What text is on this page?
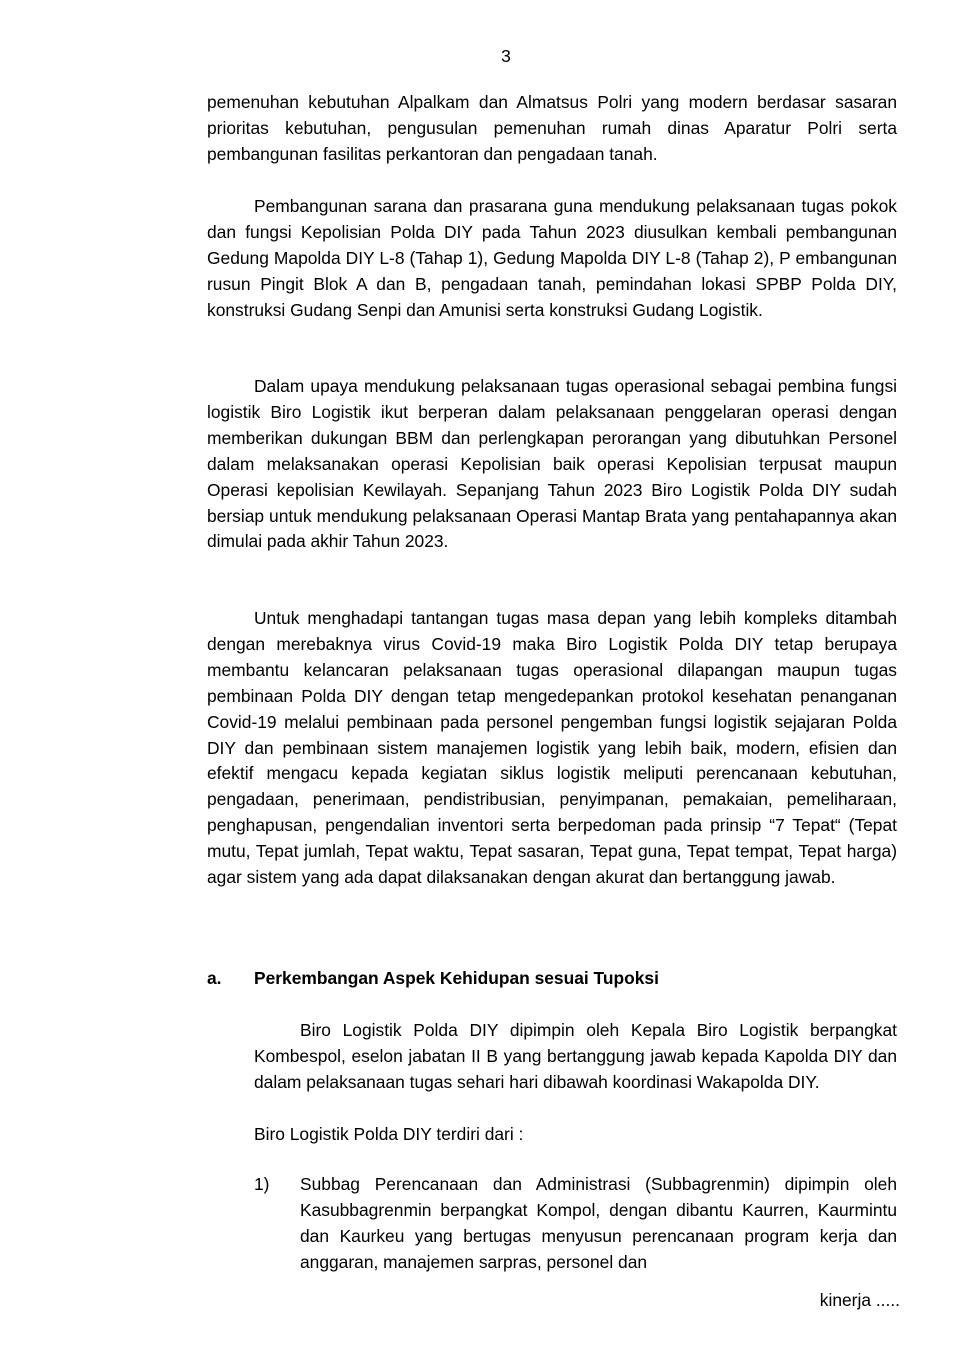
3

pemenuhan kebutuhan Alpalkam dan Almatsus Polri yang modern berdasar sasaran prioritas kebutuhan, pengusulan pemenuhan rumah dinas Aparatur Polri serta pembangunan fasilitas perkantoran dan pengadaan tanah.

Pembangunan sarana dan prasarana guna mendukung pelaksanaan tugas pokok dan fungsi Kepolisian Polda DIY pada Tahun 2023 diusulkan kembali pembangunan Gedung Mapolda DIY L-8 (Tahap 1), Gedung Mapolda DIY L-8 (Tahap 2), P embangunan rusun Pingit Blok A dan B, pengadaan tanah, pemindahan lokasi SPBP Polda DIY, konstruksi Gudang Senpi dan Amunisi serta konstruksi Gudang Logistik.

Dalam upaya mendukung pelaksanaan tugas operasional sebagai pembina fungsi logistik Biro Logistik ikut berperan dalam pelaksanaan penggelaran operasi dengan memberikan dukungan BBM dan perlengkapan perorangan yang dibutuhkan Personel dalam melaksanakan operasi Kepolisian baik operasi Kepolisian terpusat maupun Operasi kepolisian Kewilayah. Sepanjang Tahun 2023 Biro Logistik Polda DIY sudah bersiap untuk mendukung pelaksanaan Operasi Mantap Brata yang pentahapannya akan dimulai pada akhir Tahun 2023.

Untuk menghadapi tantangan tugas masa depan yang lebih kompleks ditambah dengan merebaknya virus Covid-19 maka Biro Logistik Polda DIY tetap berupaya membantu kelancaran pelaksanaan tugas operasional dilapangan maupun tugas pembinaan Polda DIY dengan tetap mengedepankan protokol kesehatan penanganan Covid-19 melalui pembinaan pada personel pengemban fungsi logistik sejajaran Polda DIY dan pembinaan sistem manajemen logistik yang lebih baik, modern, efisien dan efektif mengacu kepada kegiatan siklus logistik meliputi perencanaan kebutuhan, pengadaan, penerimaan, pendistribusian, penyimpanan, pemakaian, pemeliharaan, penghapusan, pengendalian inventori serta berpedoman pada prinsip “7 Tepat“ (Tepat mutu, Tepat jumlah, Tepat waktu, Tepat sasaran, Tepat guna, Tepat tempat, Tepat harga) agar sistem yang ada dapat dilaksanakan dengan akurat dan bertanggung jawab.

a. Perkembangan Aspek Kehidupan sesuai Tupoksi

Biro Logistik Polda DIY dipimpin oleh Kepala Biro Logistik berpangkat Kombespol, eselon jabatan II B yang bertanggung jawab kepada Kapolda DIY dan dalam pelaksanaan tugas sehari hari dibawah koordinasi Wakapolda DIY.

Biro Logistik Polda DIY terdiri dari :

1) Subbag Perencanaan dan Administrasi (Subbagrenmin) dipimpin oleh Kasubbagrenmin berpangkat Kompol, dengan dibantu Kaurren, Kaurmintu dan Kaurkeu yang bertugas menyusun perencanaan program kerja dan anggaran, manajemen sarpras, personel dan

kinerja .....
